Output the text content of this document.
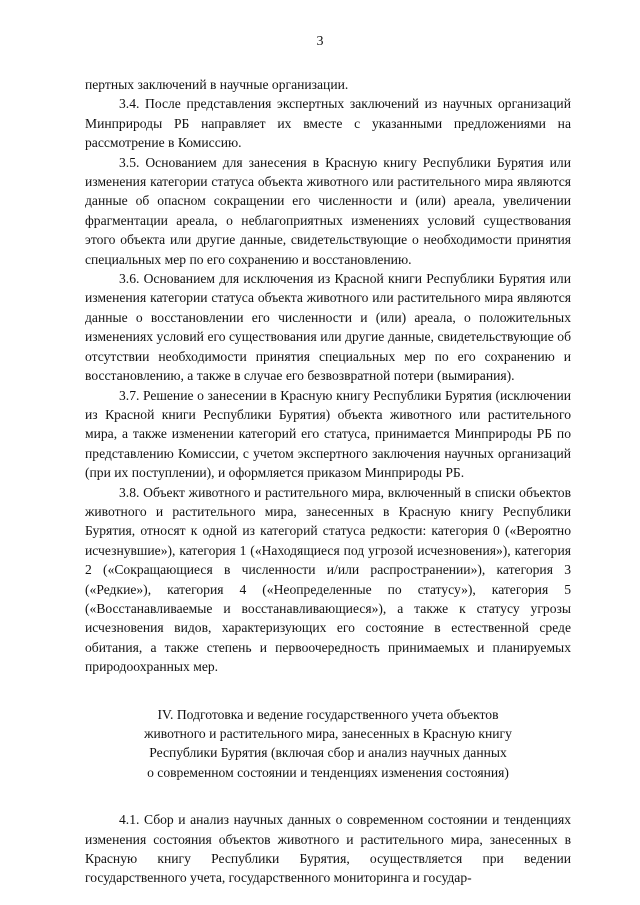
3

пертных заключений в научные организации.

3.4. После представления экспертных заключений из научных организаций Минприроды РБ направляет их вместе с указанными предложениями на рассмотрение в Комиссию.

3.5. Основанием для занесения в Красную книгу Республики Бурятия или изменения категории статуса объекта животного или растительного мира являются данные об опасном сокращении его численности и (или) ареала, увеличении фрагментации ареала, о неблагоприятных изменениях условий существования этого объекта или другие данные, свидетельствующие о необходимости принятия специальных мер по его сохранению и восстановлению.

3.6. Основанием для исключения из Красной книги Республики Бурятия или изменения категории статуса объекта животного или растительного мира являются данные о восстановлении его численности и (или) ареала, о положительных изменениях условий его существования или другие данные, свидетельствующие об отсутствии необходимости принятия специальных мер по его сохранению и восстановлению, а также в случае его безвозвратной потери (вымирания).

3.7. Решение о занесении в Красную книгу Республики Бурятия (исключении из Красной книги Республики Бурятия) объекта животного или растительного мира, а также изменении категорий его статуса, принимается Минприроды РБ по представлению Комиссии, с учетом экспертного заключения научных организаций (при их поступлении), и оформляется приказом Минприроды РБ.

3.8. Объект животного и растительного мира, включенный в списки объектов животного и растительного мира, занесенных в Красную книгу Республики Бурятия, относят к одной из категорий статуса редкости: категория 0 («Вероятно исчезнувшие»), категория 1 («Находящиеся под угрозой исчезновения»), категория 2 («Сокращающиеся в численности и/или распространении»), категория 3 («Редкие»), категория 4 («Неопределенные по статусу»), категория 5 («Восстанавливаемые и восстанавливающиеся»), а также к статусу угрозы исчезновения видов, характеризующих его состояние в естественной среде обитания, а также степень и первоочередность принимаемых и планируемых природоохранных мер.

IV. Подготовка и ведение государственного учета объектов
животного и растительного мира, занесенных в Красную книгу
Республики Бурятия (включая сбор и анализ научных данных
о современном состоянии и тенденциях изменения состояния)

4.1. Сбор и анализ научных данных о современном состоянии и тенденциях изменения состояния объектов животного и растительного мира, занесенных в Красную книгу Республики Бурятия, осуществляется при ведении государственного учета, государственного мониторинга и государ-
